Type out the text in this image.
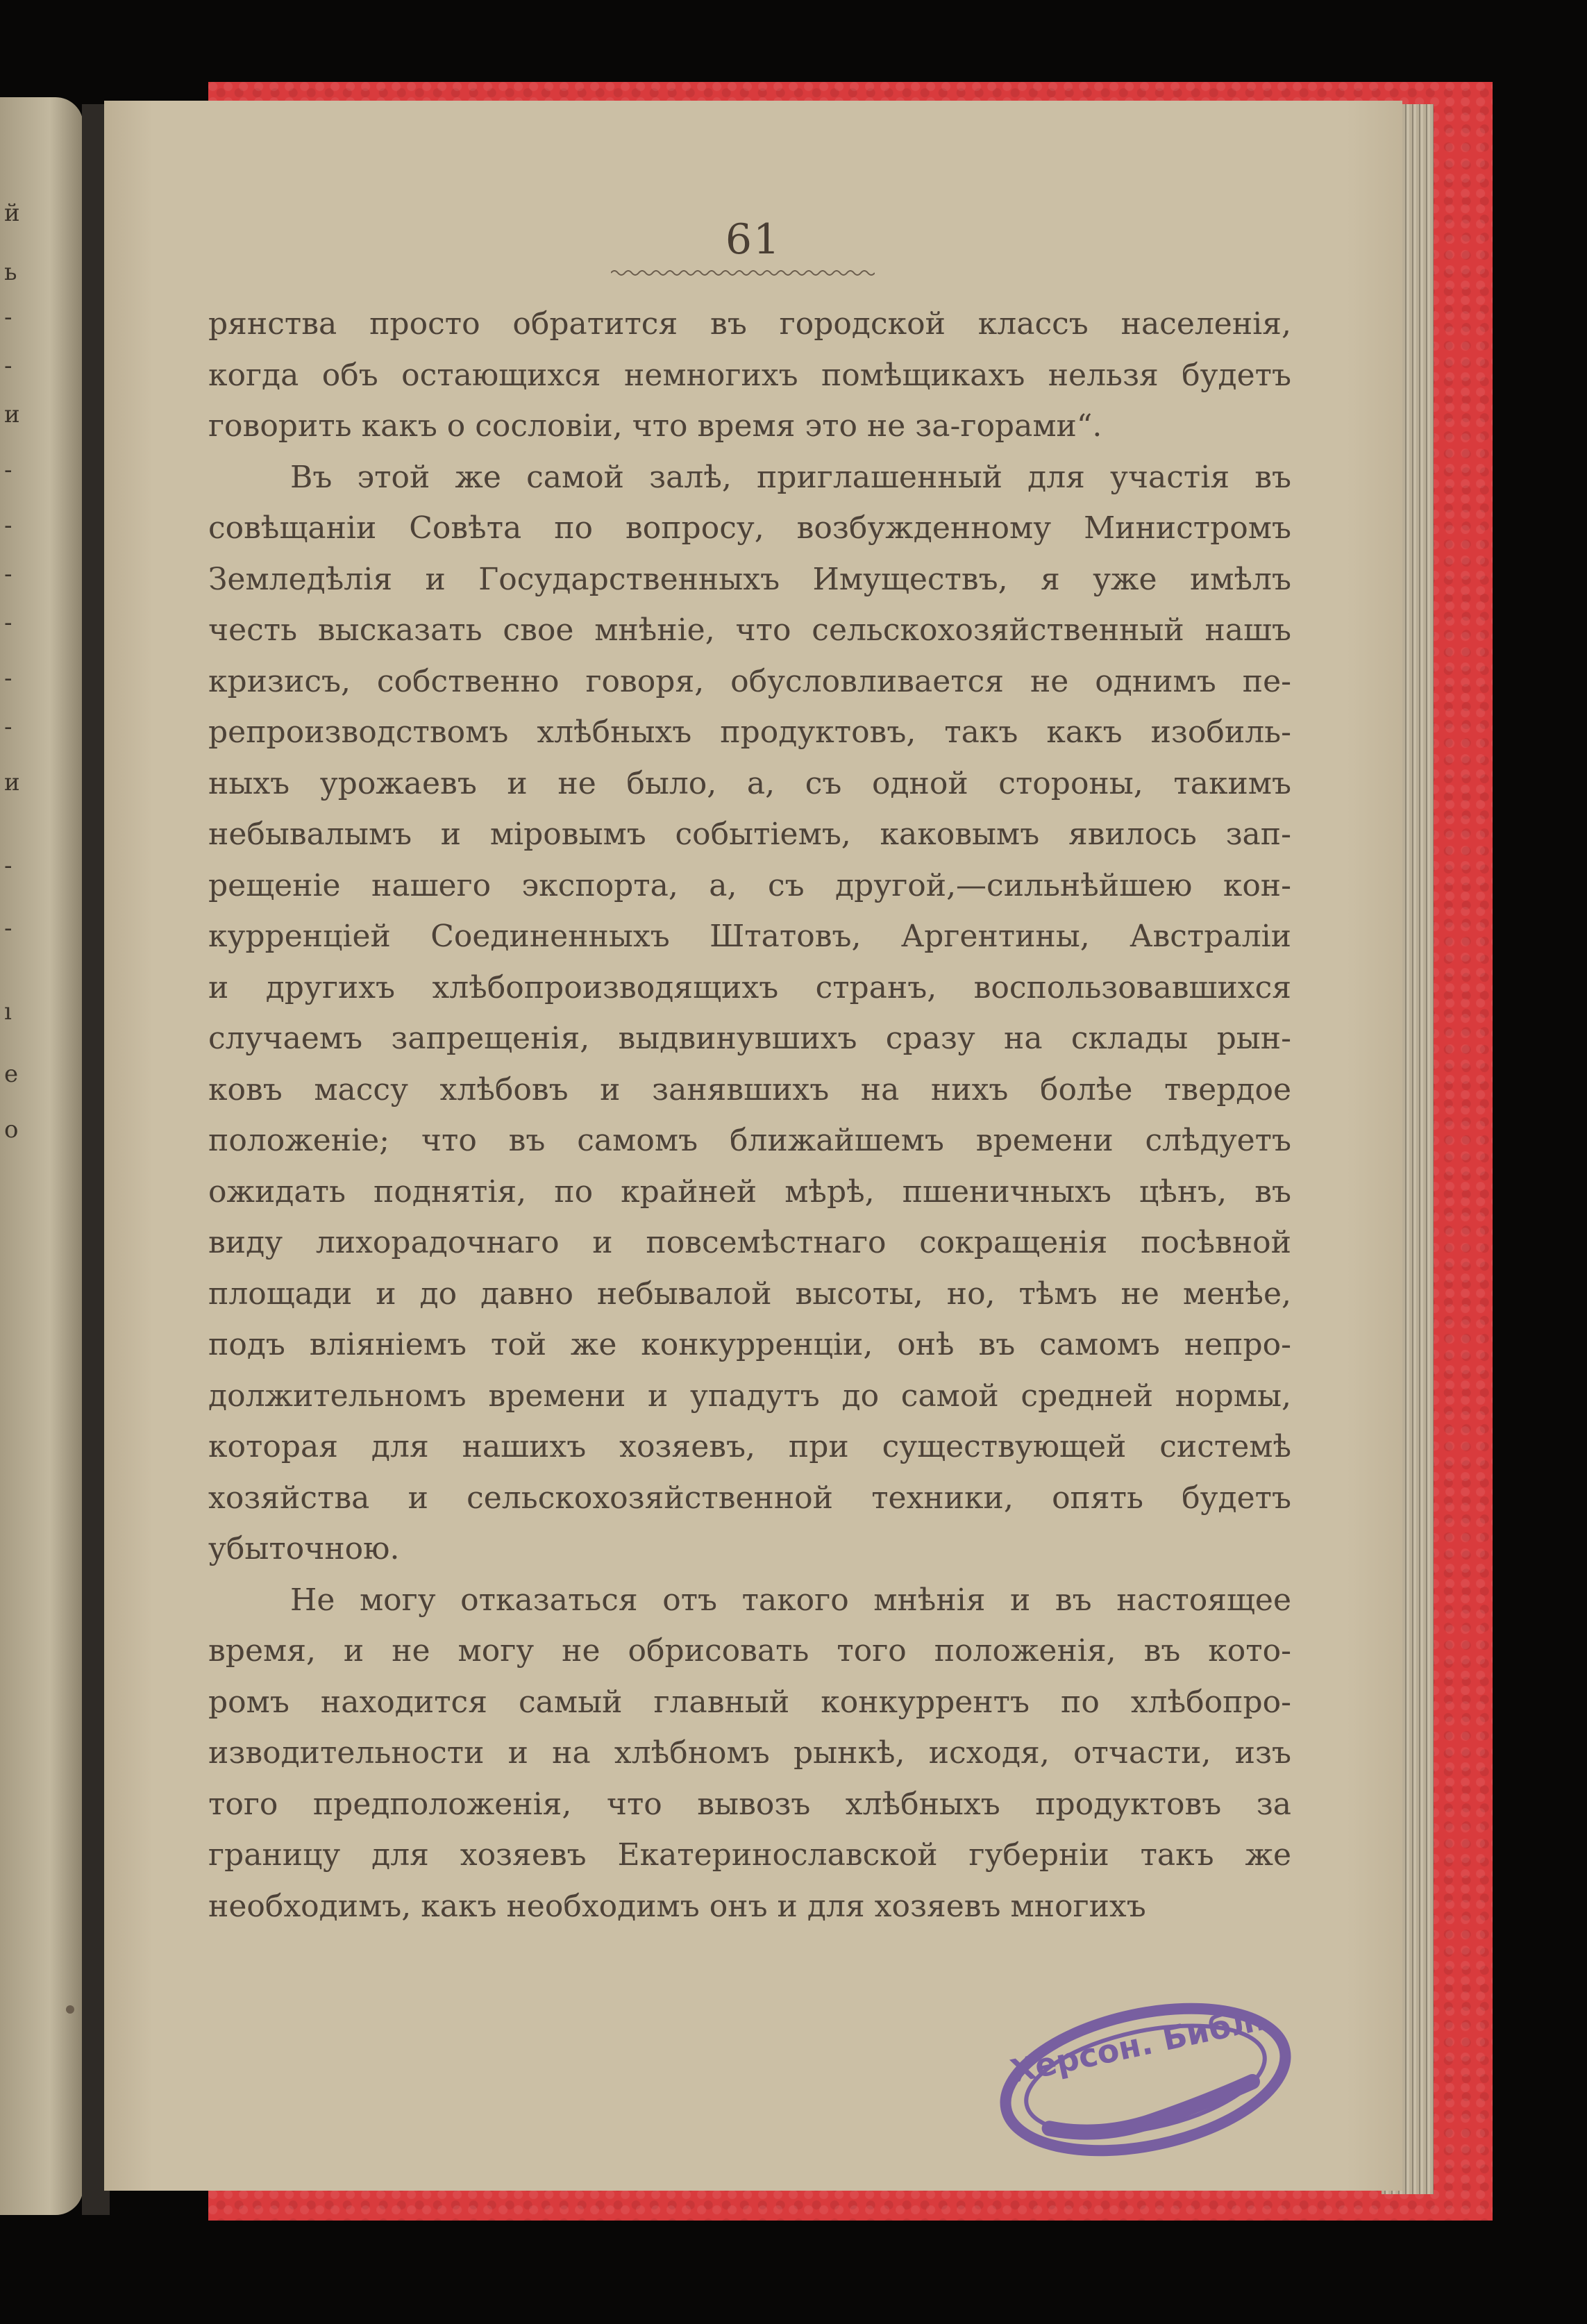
й
ь
-
-
и
-
-
-
-
-
-
и
-
-
ı
е
о
61
рянства просто обратится въ городской классъ населенія,
когда объ остающихся немногихъ помѣщикахъ нельзя будетъ
говорить какъ о сословіи, что время это не за-горами“.
Въ этой же самой залѣ, приглашенный для участія въ
совѣщаніи Совѣта по вопросу, возбужденному Министромъ
Земледѣлія и Государственныхъ Имуществъ, я уже имѣлъ
честь высказать свое мнѣніе, что сельскохозяйственный нашъ
кризисъ, собственно говоря, обусловливается не однимъ пе-
репроизводствомъ хлѣбныхъ продуктовъ, такъ какъ изобиль-
ныхъ урожаевъ и не было, а, съ одной стороны, такимъ
небывалымъ и міровымъ событіемъ, каковымъ явилось зап-
рещеніе нашего экспорта, а, съ другой,—сильнѣйшею кон-
курренціей Соединенныхъ Штатовъ, Аргентины, Австраліи
и другихъ хлѣбопроизводящихъ странъ, воспользовавшихся
случаемъ запрещенія, выдвинувшихъ сразу на склады рын-
ковъ массу хлѣбовъ и занявшихъ на нихъ болѣе твердое
положеніе; что въ самомъ ближайшемъ времени слѣдуетъ
ожидать поднятія, по крайней мѣрѣ, пшеничныхъ цѣнъ, въ
виду лихорадочнаго и повсемѣстнаго сокращенія посѣвной
площади и до давно небывалой высоты, но, тѣмъ не менѣе,
подъ вліяніемъ той же конкурренціи, онѣ въ самомъ непро-
должительномъ времени и упадутъ до самой средней нормы,
которая для нашихъ хозяевъ, при существующей системѣ
хозяйства и сельскохозяйственной техники, опять будетъ
убыточною.
Не могу отказаться отъ такого мнѣнія и въ настоящее
время, и не могу не обрисовать того положенія, въ кото-
ромъ находится самый главный конкуррентъ по хлѣбопро-
изводительности и на хлѣбномъ рынкѣ, исходя, отчасти, изъ
того предположенія, что вывозъ хлѣбныхъ продуктовъ за
границу для хозяевъ Екатеринославской губерніи такъ же
необходимъ, какъ необходимъ онъ и для хозяевъ многихъ
Херсон. Библ.
